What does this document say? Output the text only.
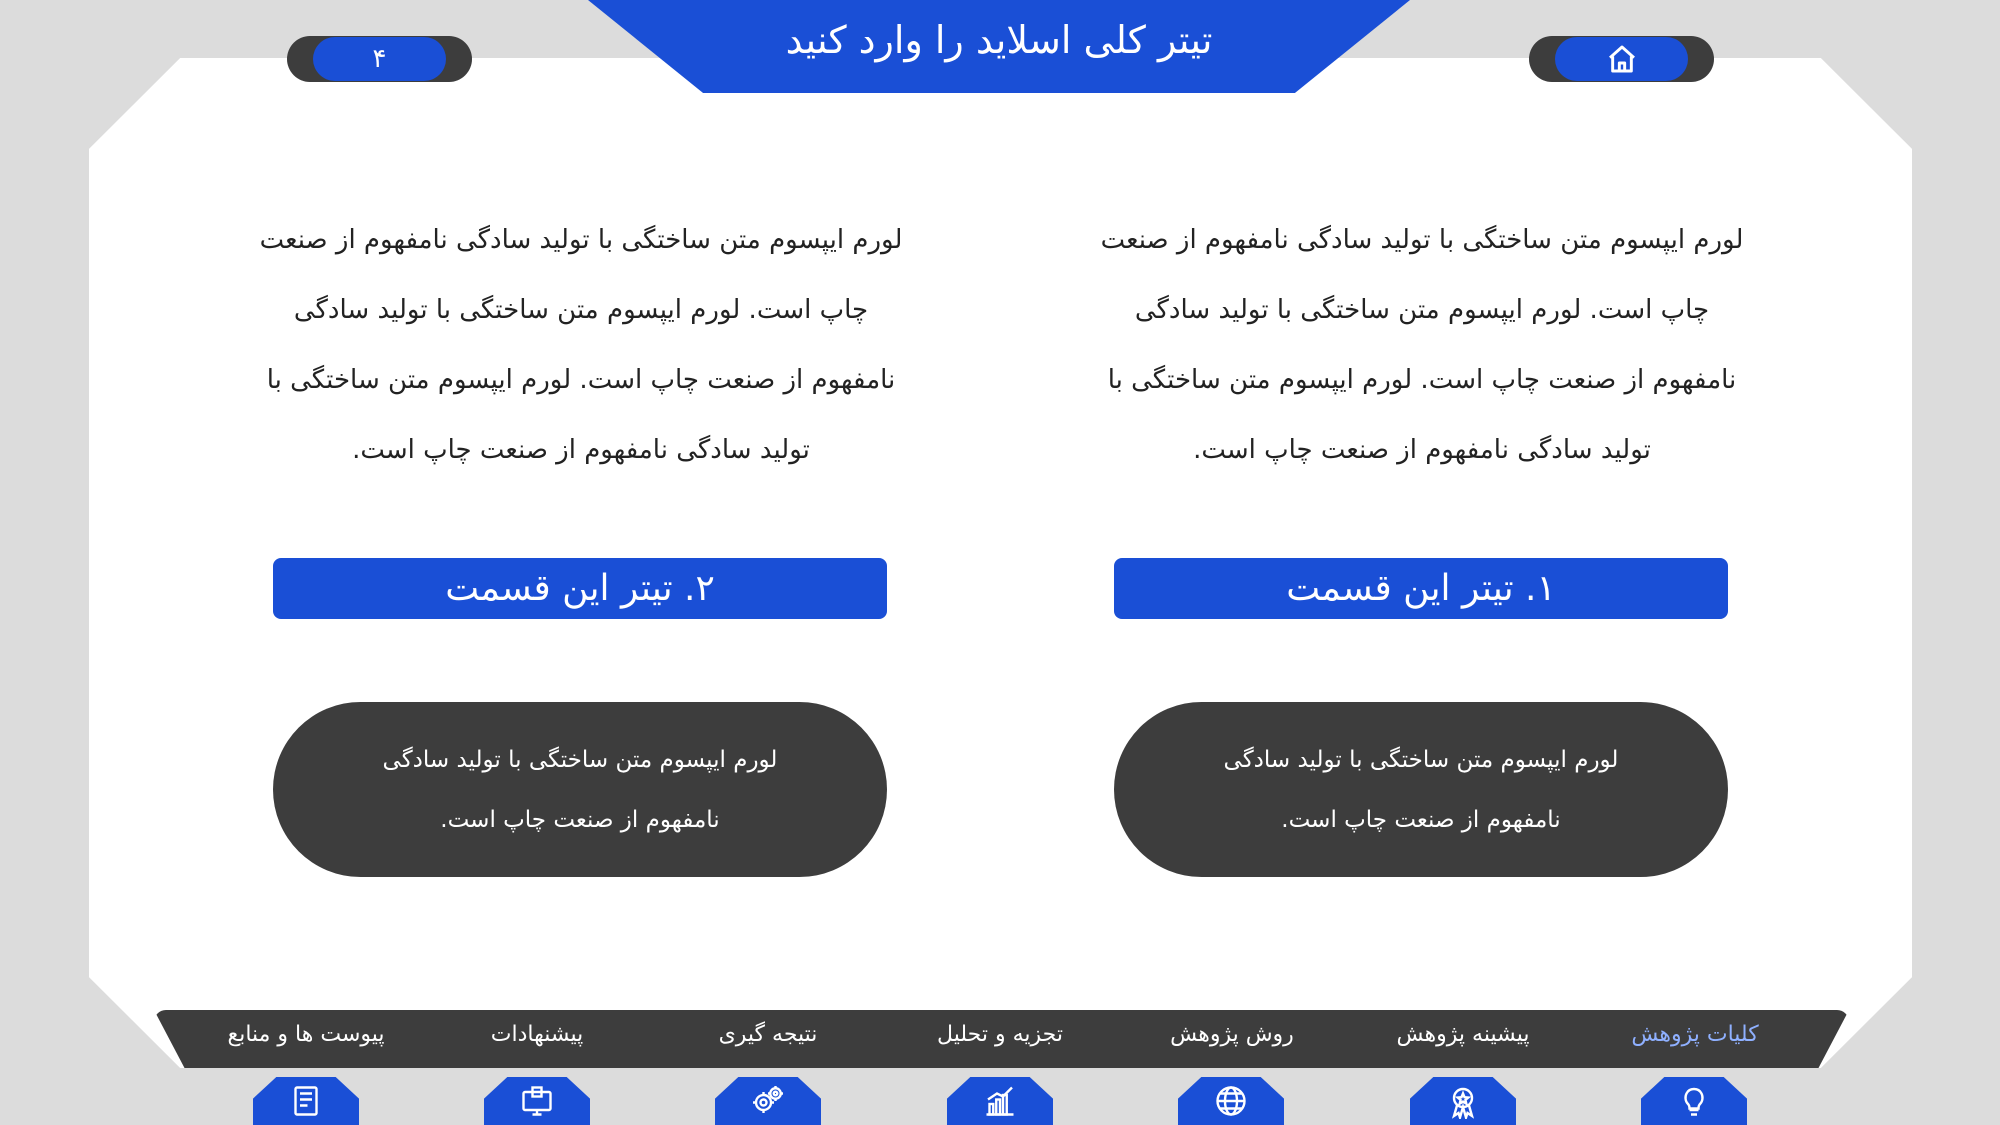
تیتر کلی اسلاید را وارد کنید
۴
لورم ایپسوم متن ساختگی با تولید سادگی نامفهوم از صنعت چاپ است. لورم ایپسوم متن ساختگی با تولید سادگی نامفهوم از صنعت چاپ است. لورم ایپسوم متن ساختگی با تولید سادگی نامفهوم از صنعت چاپ است.
۱. تیتر این قسمت
لورم ایپسوم متن ساختگی با تولید سادگی نامفهوم از صنعت چاپ است.
لورم ایپسوم متن ساختگی با تولید سادگی نامفهوم از صنعت چاپ است. لورم ایپسوم متن ساختگی با تولید سادگی نامفهوم از صنعت چاپ است. لورم ایپسوم متن ساختگی با تولید سادگی نامفهوم از صنعت چاپ است.
۲. تیتر این قسمت
لورم ایپسوم متن ساختگی با تولید سادگی نامفهوم از صنعت چاپ است.
کلیات پژوهش
پیشینه پژوهش
روش پژوهش
تجزیه و تحلیل
نتیجه گیری
پیشنهادات
پیوست ها و منابع
